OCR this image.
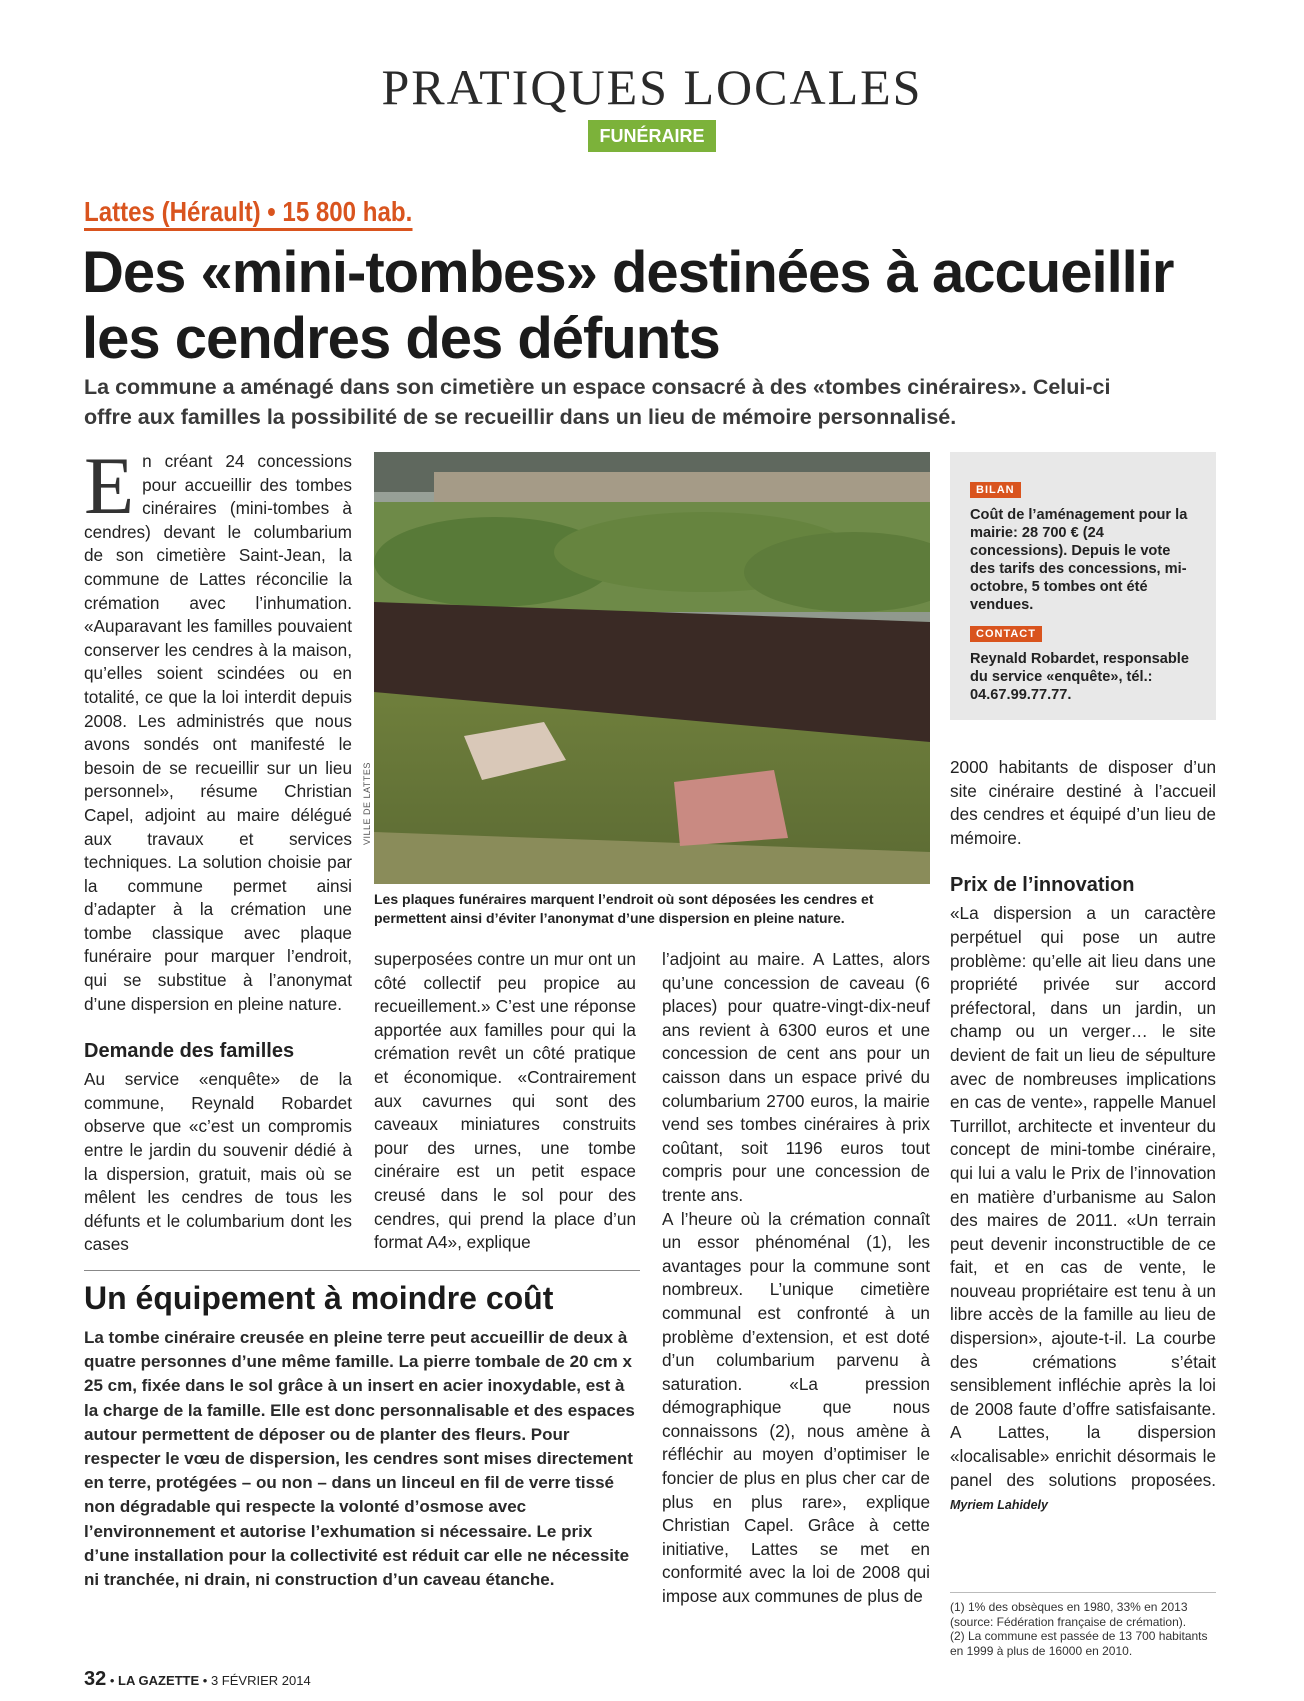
PRATIQUES LOCALES
FUNÉRAIRE
Lattes (Hérault) • 15 800 hab.
Des «mini-tombes» destinées à accueillir les cendres des défunts
La commune a aménagé dans son cimetière un espace consacré à des «tombes cinéraires». Celui-ci offre aux familles la possibilité de se recueillir dans un lieu de mémoire personnalisé.

En créant 24 concessions pour accueillir des tombes cinéraires (mini-tombes à cendres) devant le columbarium de son cimetière Saint-Jean, la commune de Lattes réconcilie la crémation avec l’inhumation. «Auparavant les familles pouvaient conserver les cendres à la maison, qu’elles soient scindées ou en totalité, ce que la loi interdit depuis 2008. Les administrés que nous avons sondés ont manifesté le besoin de se recueillir sur un lieu personnel», résume Christian Capel, adjoint au maire délégué aux travaux et services techniques. La solution choisie par la commune permet ainsi d’adapter à la crémation une tombe classique avec plaque funéraire pour marquer l’endroit, qui se substitue à l’anonymat d’une dispersion en pleine nature.

Demande des familles

Au service «enquête» de la commune, Reynald Robardet observe que «c’est un compromis entre le jardin du souvenir dédié à la dispersion, gratuit, mais où se mêlent les cendres de tous les défunts et le columbarium dont les cases

VILLE DE LATTES
Les plaques funéraires marquent l’endroit où sont déposées les cendres et permettent ainsi d’éviter l’anonymat d’une dispersion en pleine nature.

superposées contre un mur ont un côté collectif peu propice au recueillement.» C’est une réponse apportée aux familles pour qui la crémation revêt un côté pratique et économique. «Contrairement aux cavurnes qui sont des caveaux miniatures construits pour des urnes, une tombe cinéraire est un petit espace creusé dans le sol pour des cendres, qui prend la place d’un format A4», explique

l’adjoint au maire. A Lattes, alors qu’une concession de caveau (6 places) pour quatre-vingt-dix-neuf ans revient à 6300 euros et une concession de cent ans pour un caisson dans un espace privé du columbarium 2700 euros, la mairie vend ses tombes cinéraires à prix coûtant, soit 1196 euros tout compris pour une concession de trente ans.

A l’heure où la crémation connaît un essor phénoménal (1), les avantages pour la commune sont nombreux. L’unique cimetière communal est confronté à un problème d’extension, et est doté d’un columbarium parvenu à saturation. «La pression démographique que nous connaissons (2), nous amène à réfléchir au moyen d’optimiser le foncier de plus en plus cher car de plus en plus rare», explique Christian Capel. Grâce à cette initiative, Lattes se met en conformité avec la loi de 2008 qui impose aux communes de plus de

BILAN
Coût de l’aménagement pour la mairie: 28 700 € (24 concessions). Depuis le vote des tarifs des concessions, mi-octobre, 5 tombes ont été vendues.
CONTACT
Reynald Robardet, responsable du service «enquête», tél.: 04.67.99.77.77.

2000 habitants de disposer d’un site cinéraire destiné à l’accueil des cendres et équipé d’un lieu de mémoire.

Prix de l’innovation

«La dispersion a un caractère perpétuel qui pose un autre problème: qu’elle ait lieu dans une propriété privée sur accord préfectoral, dans un jardin, un champ ou un verger… le site devient de fait un lieu de sépulture avec de nombreuses implications en cas de vente», rappelle Manuel Turrillot, architecte et inventeur du concept de mini-tombe cinéraire, qui lui a valu le Prix de l’innovation en matière d’urbanisme au Salon des maires de 2011. «Un terrain peut devenir inconstructible de ce fait, et en cas de vente, le nouveau propriétaire est tenu à un libre accès de la famille au lieu de dispersion», ajoute-t-il. La courbe des crémations s’était sensiblement infléchie après la loi de 2008 faute d’offre satisfaisante. A Lattes, la dispersion «localisable» enrichit désormais le panel des solutions proposées. Myriem Lahidely

Un équipement à moindre coût
La tombe cinéraire creusée en pleine terre peut accueillir de deux à quatre personnes d’une même famille. La pierre tombale de 20 cm x 25 cm, fixée dans le sol grâce à un insert en acier inoxydable, est à la charge de la famille. Elle est donc personnalisable et des espaces autour permettent de déposer ou de planter des fleurs. Pour respecter le vœu de dispersion, les cendres sont mises directement en terre, protégées – ou non – dans un linceul en fil de verre tissé non dégradable qui respecte la volonté d’osmose avec l’environnement et autorise l’exhumation si nécessaire. Le prix d’une installation pour la collectivité est réduit car elle ne nécessite ni tranchée, ni drain, ni construction d’un caveau étanche.
(1) 1% des obsèques en 1980, 33% en 2013 (source: Fédération française de crémation).
(2) La commune est passée de 13 700 habitants en 1999 à plus de 16000 en 2010.
32 • LA GAZETTE • 3 FÉVRIER 2014
